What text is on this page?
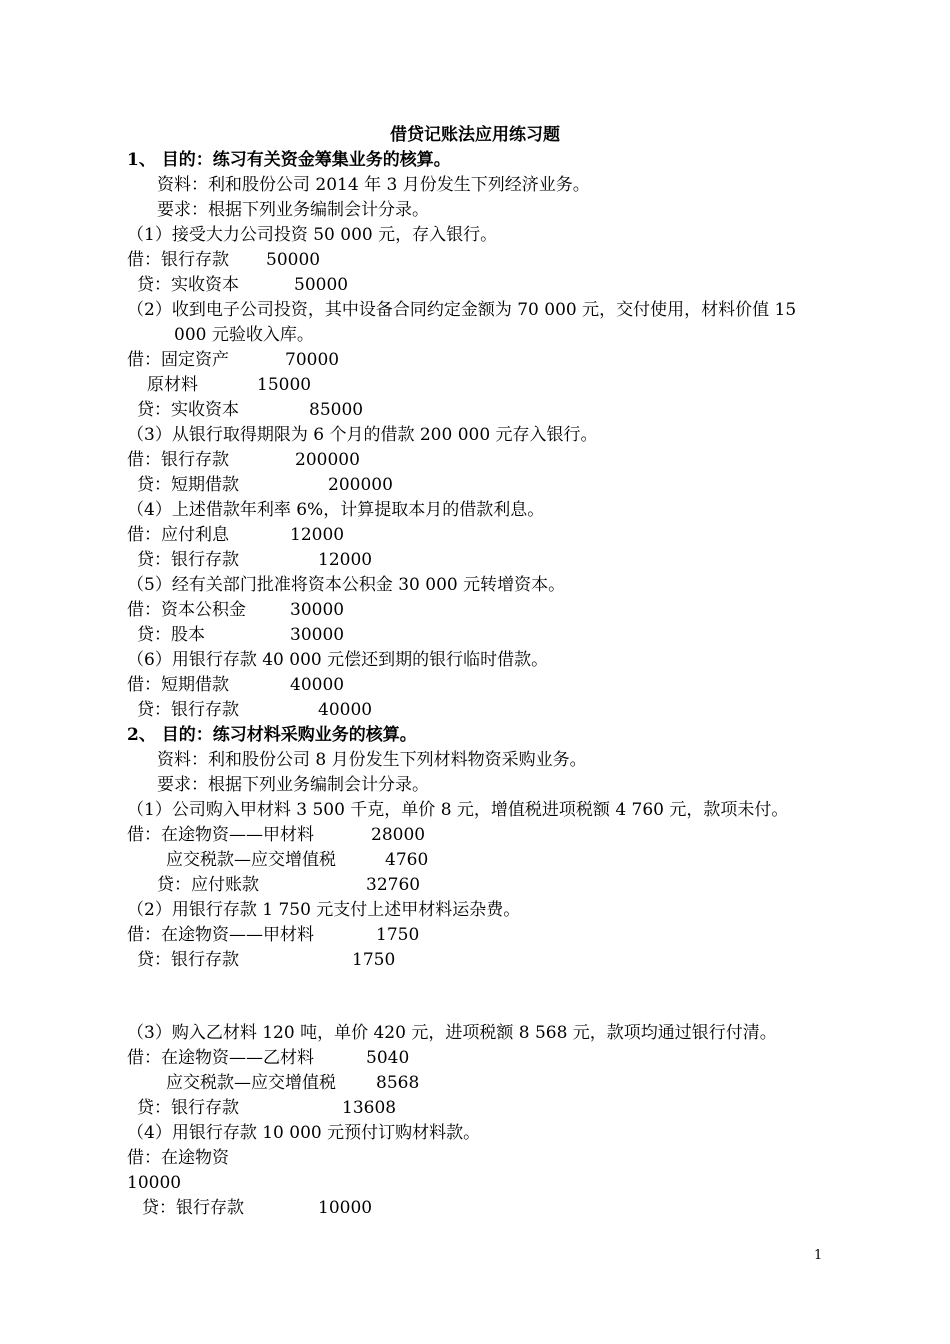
借贷记账法应用练习题
1、 目的：练习有关资金筹集业务的核算。
资料：利和股份公司 2014 年 3 月份发生下列经济业务。
要求：根据下列业务编制会计分录。
（1）接受大力公司投资 50 000 元，存入银行。
借：银行存款 50000
贷：实收资本	50000
（2）收到电子公司投资，其中设备合同约定金额为 70 000 元，交付使用，材料价值 15
000 元验收入库。
借：固定资产	70000
原材料	15000
贷：实收资本	85000
（3）从银行取得期限为 6 个月的借款 200 000 元存入银行。
借：银行存款	200000
贷：短期借款	200000
（4）上述借款年利率 6%，计算提取本月的借款利息。
借：应付利息	12000
贷：银行存款	12000
（5）经有关部门批准将资本公积金 30 000 元转增资本。
借：资本公积金	30000
贷：股本	30000
（6）用银行存款 40 000 元偿还到期的银行临时借款。
借：短期借款	40000
贷：银行存款	40000
2、 目的：练习材料采购业务的核算。
资料：利和股份公司 8 月份发生下列材料物资采购业务。
要求：根据下列业务编制会计分录。
（1）公司购入甲材料 3 500 千克，单价 8 元，增值税进项税额 4 760 元，款项未付。
借：在途物资——甲材料	28000
应交税款—应交增值税	4760
贷：应付账款	32760
（2）用银行存款 1 750 元支付上述甲材料运杂费。
借：在途物资——甲材料	1750
贷：银行存款	1750
（3）购入乙材料 120 吨，单价 420 元，进项税额 8 568 元，款项均通过银行付清。
借：在途物资——乙材料	5040
应交税款—应交增值税 8568
贷：银行存款	13608
（4）用银行存款 10 000 元预付订购材料款。
借：在途物资
10000
贷：银行存款	10000
1
